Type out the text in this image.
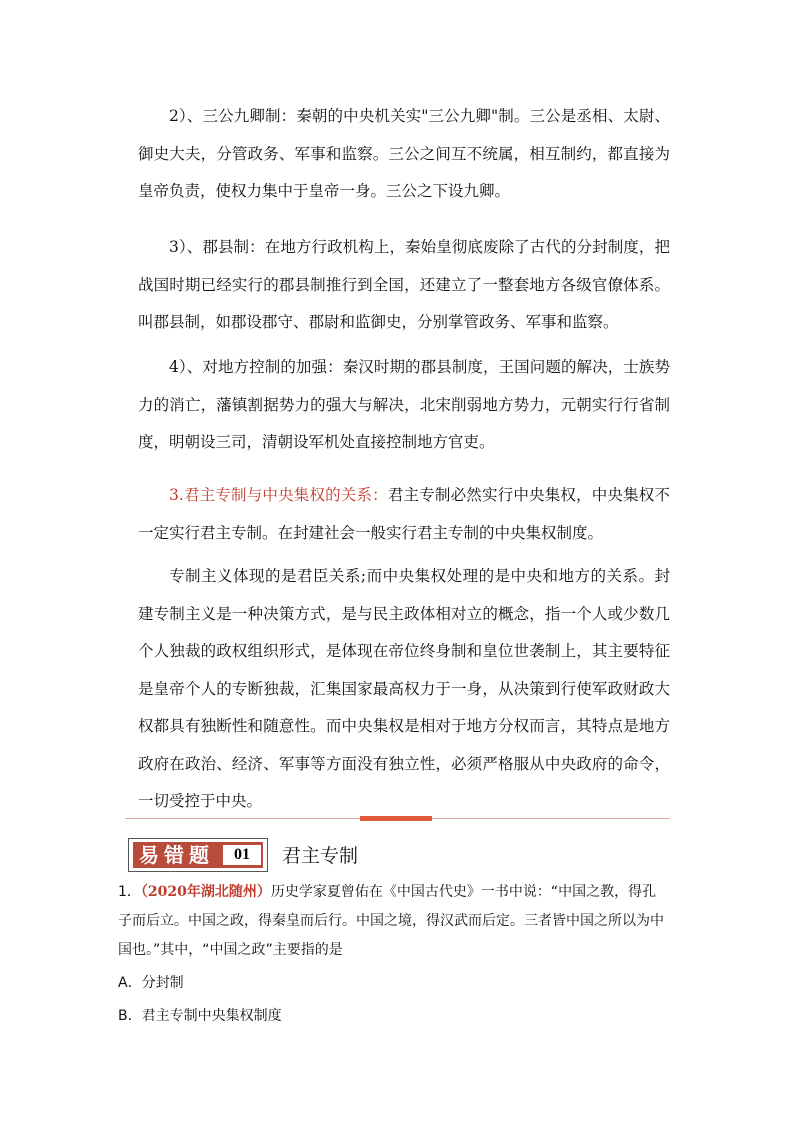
2）、三公九卿制：秦朝的中央机关实"三公九卿"制。三公是丞相、太尉、御史大夫，分管政务、军事和监察。三公之间互不统属，相互制约，都直接为皇帝负责，使权力集中于皇帝一身。三公之下设九卿。

3）、郡县制：在地方行政机构上，秦始皇彻底废除了古代的分封制度，把战国时期已经实行的郡县制推行到全国，还建立了一整套地方各级官僚体系。叫郡县制，如郡设郡守、郡尉和监御史，分别掌管政务、军事和监察。

4）、对地方控制的加强：秦汉时期的郡县制度，王国问题的解决，士族势力的消亡，藩镇割据势力的强大与解决，北宋削弱地方势力，元朝实行行省制度，明朝设三司，清朝设军机处直接控制地方官吏。

3.君主专制与中央集权的关系：君主专制必然实行中央集权，中央集权不一定实行君主专制。在封建社会一般实行君主专制的中央集权制度。

专制主义体现的是君臣关系;而中央集权处理的是中央和地方的关系。封建专制主义是一种决策方式，是与民主政体相对立的概念，指一个人或少数几个人独裁的政权组织形式，是体现在帝位终身制和皇位世袭制上，其主要特征是皇帝个人的专断独裁，汇集国家最高权力于一身，从决策到行使军政财政大权都具有独断性和随意性。而中央集权是相对于地方分权而言，其特点是地方政府在政治、经济、军事等方面没有独立性，必须严格服从中央政府的命令，一切受控于中央。

易错题	01	君主专制

1．（2020年湖北随州）历史学家夏曾佑在《中国古代史》一书中说：“中国之教，得孔子而后立。中国之政，得秦皇而后行。中国之境，得汉武而后定。三者皆中国之所以为中国也。”其中，“中国之政”主要指的是

A．分封制
B．君主专制中央集权制度
